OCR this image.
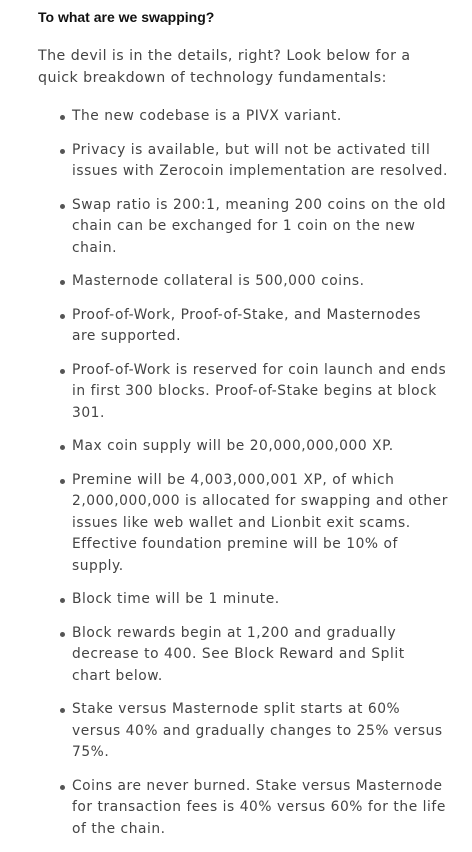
To what are we swapping?

The devil is in the details, right? Look below for a quick breakdown of technology fundamentals:

The new codebase is a PIVX variant.
Privacy is available, but will not be activated till issues with Zerocoin implementation are resolved.
Swap ratio is 200:1, meaning 200 coins on the old chain can be exchanged for 1 coin on the new chain.
Masternode collateral is 500,000 coins.
Proof-of-Work, Proof-of-Stake, and Masternodes are supported.
Proof-of-Work is reserved for coin launch and ends in first 300 blocks. Proof-of-Stake begins at block 301.
Max coin supply will be 20,000,000,000 XP.
Premine will be 4,003,000,001 XP, of which 2,000,000,000 is allocated for swapping and other issues like web wallet and Lionbit exit scams. Effective foundation premine will be 10% of supply.
Block time will be 1 minute.
Block rewards begin at 1,200 and gradually decrease to 400. See Block Reward and Split chart below.
Stake versus Masternode split starts at 60% versus 40% and gradually changes to 25% versus 75%.
Coins are never burned. Stake versus Masternode for transaction fees is 40% versus 60% for the life of the chain.
